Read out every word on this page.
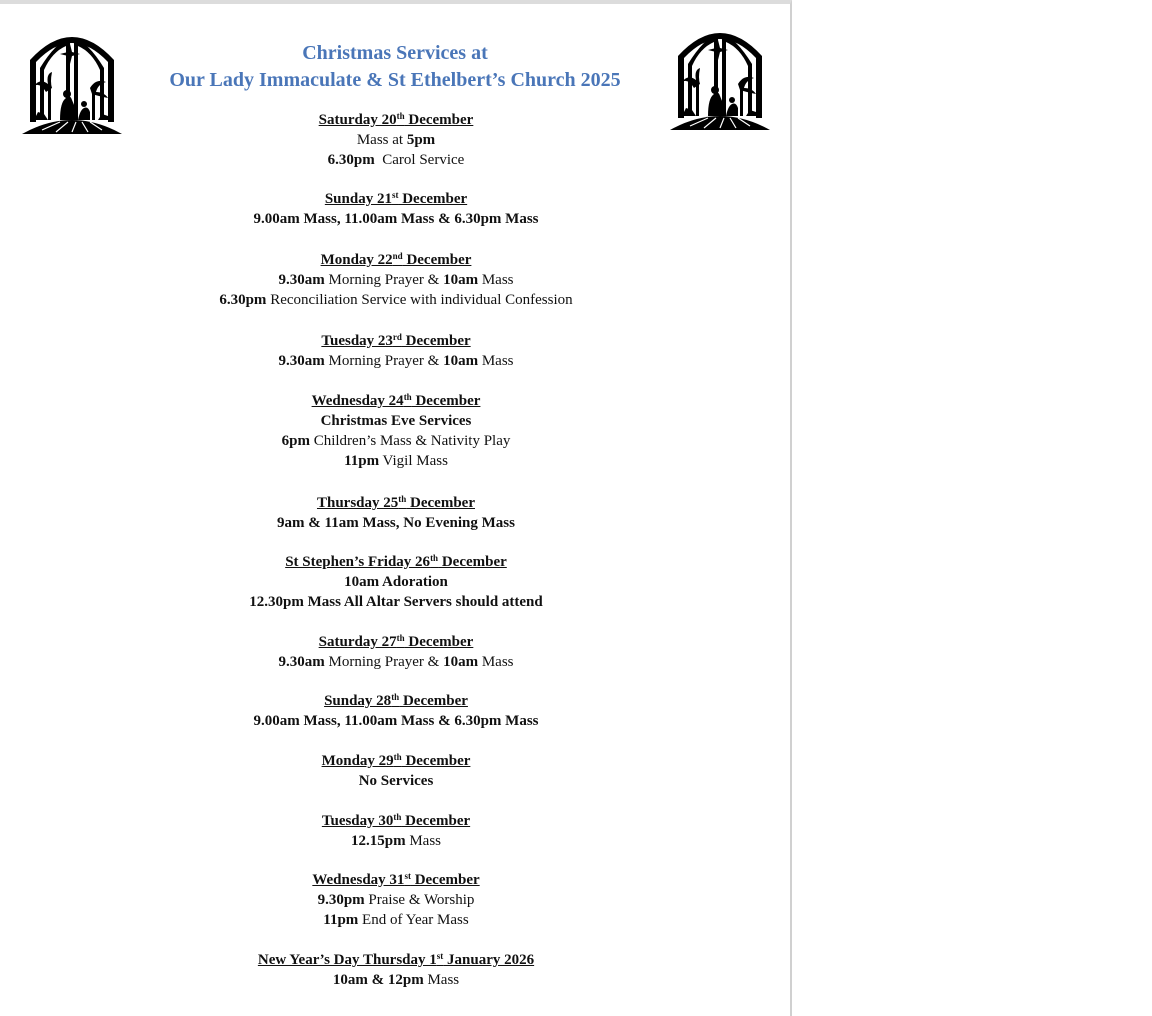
Christmas Services at
Our Lady Immaculate & St Ethelbert’s Church 2025
Saturday 20th December
Mass at 5pm
6.30pm  Carol Service
Sunday 21st December
9.00am Mass, 11.00am Mass & 6.30pm Mass
Monday 22nd December
9.30am Morning Prayer & 10am Mass
6.30pm Reconciliation Service with individual Confession
Tuesday 23rd December
9.30am Morning Prayer & 10am Mass
Wednesday 24th December
Christmas Eve Services
6pm Children’s Mass & Nativity Play
11pm Vigil Mass
Thursday 25th December
9am & 11am Mass, No Evening Mass
St Stephen’s Friday 26th December
10am Adoration
12.30pm Mass All Altar Servers should attend
Saturday 27th December
9.30am Morning Prayer & 10am Mass
Sunday 28th December
9.00am Mass, 11.00am Mass & 6.30pm Mass
Monday 29th December
No Services
Tuesday 30th December
12.15pm Mass
Wednesday 31st December
9.30pm Praise & Worship
11pm End of Year Mass
New Year’s Day Thursday 1st January 2026
10am & 12pm Mass
